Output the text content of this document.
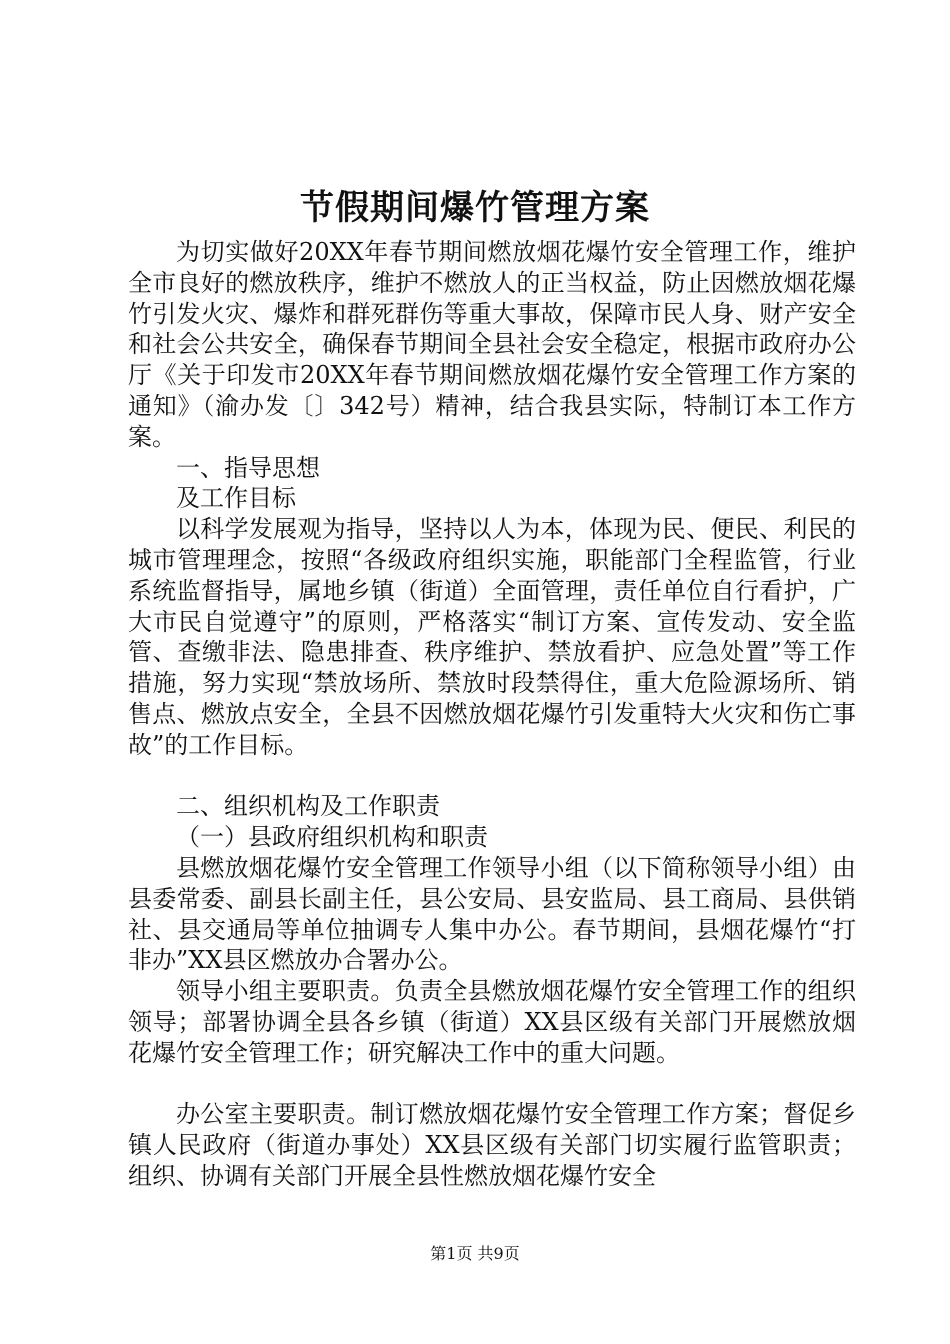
节假期间爆竹管理方案

为切实做好20XX年春节期间燃放烟花爆竹安全管理工作，维护全市良好的燃放秩序，维护不燃放人的正当权益，防止因燃放烟花爆竹引发火灾、爆炸和群死群伤等重大事故，保障市民人身、财产安全和社会公共安全，确保春节期间全县社会安全稳定，根据市政府办公厅《关于印发市20XX年春节期间燃放烟花爆竹安全管理工作方案的通知》（渝办发〔〕342号）精神，结合我县实际，特制订本工作方案。

一、指导思想

及工作目标

以科学发展观为指导，坚持以人为本，体现为民、便民、利民的城市管理理念，按照“各级政府组织实施，职能部门全程监管，行业系统监督指导，属地乡镇（街道）全面管理，责任单位自行看护，广大市民自觉遵守”的原则，严格落实“制订方案、宣传发动、安全监管、查缴非法、隐患排查、秩序维护、禁放看护、应急处置”等工作措施，努力实现“禁放场所、禁放时段禁得住，重大危险源场所、销售点、燃放点安全，全县不因燃放烟花爆竹引发重特大火灾和伤亡事故”的工作目标。

二、组织机构及工作职责

（一）县政府组织机构和职责

县燃放烟花爆竹安全管理工作领导小组（以下简称领导小组）由县委常委、副县长副主任，县公安局、县安监局、县工商局、县供销社、县交通局等单位抽调专人集中办公。春节期间，县烟花爆竹“打非办”XX县区燃放办合署办公。

领导小组主要职责。负责全县燃放烟花爆竹安全管理工作的组织领导；部署协调全县各乡镇（街道）XX县区级有关部门开展燃放烟花爆竹安全管理工作；研究解决工作中的重大问题。

办公室主要职责。制订燃放烟花爆竹安全管理工作方案；督促乡镇人民政府（街道办事处）XX县区级有关部门切实履行监管职责；组织、协调有关部门开展全县性燃放烟花爆竹安全

第1页 共9页
